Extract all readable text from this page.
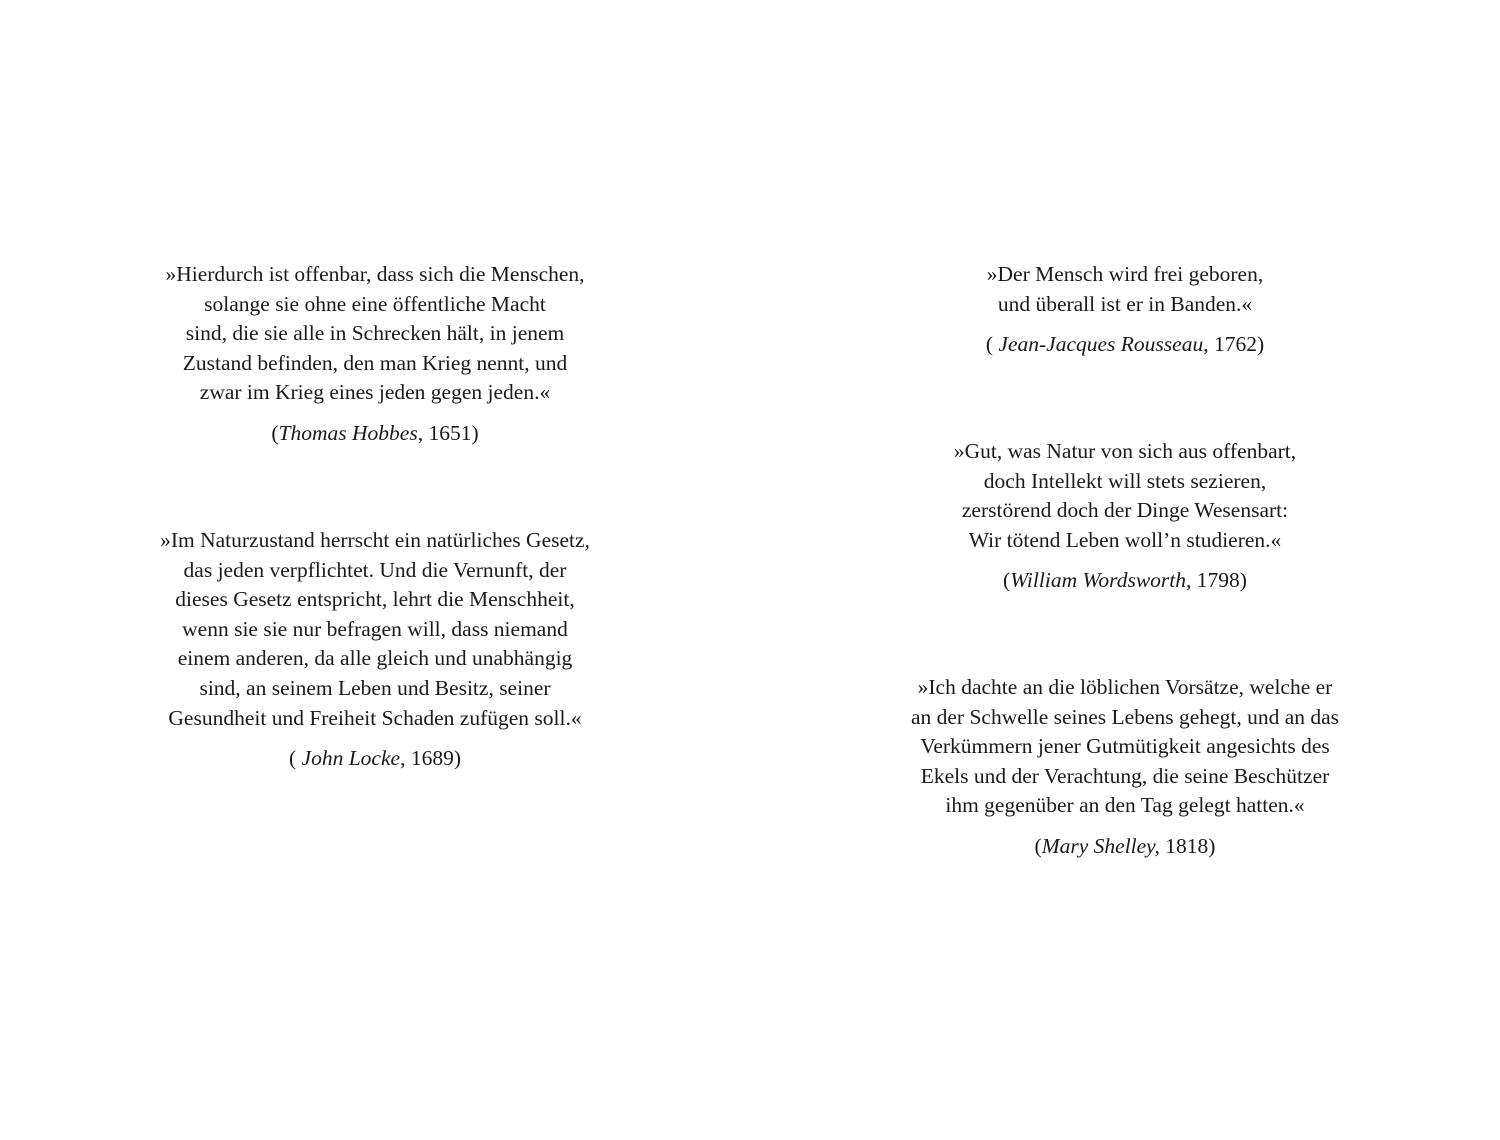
»Hierdurch ist offenbar, dass sich die Menschen,
solange sie ohne eine öffentliche Macht
sind, die sie alle in Schrecken hält, in jenem
Zustand befinden, den man Krieg nennt, und
zwar im Krieg eines jeden gegen jeden.«
(Thomas Hobbes, 1651)
»Im Naturzustand herrscht ein natürliches Gesetz,
das jeden verpflichtet. Und die Vernunft, der
dieses Gesetz entspricht, lehrt die Menschheit,
wenn sie sie nur befragen will, dass niemand
einem anderen, da alle gleich und unabhängig
sind, an seinem Leben und Besitz, seiner
Gesundheit und Freiheit Schaden zufügen soll.«
( John Locke, 1689)
»Der Mensch wird frei geboren,
und überall ist er in Banden.«
( Jean-Jacques Rousseau, 1762)
»Gut, was Natur von sich aus offenbart,
doch Intellekt will stets sezieren,
zerstörend doch der Dinge Wesensart:
Wir tötend Leben woll’n studieren.«
(William Wordsworth, 1798)
»Ich dachte an die löblichen Vorsätze, welche er
an der Schwelle seines Lebens gehegt, und an das
Verkümmern jener Gutmütigkeit angesichts des
Ekels und der Verachtung, die seine Beschützer
ihm gegenüber an den Tag gelegt hatten.«
(Mary Shelley, 1818)
